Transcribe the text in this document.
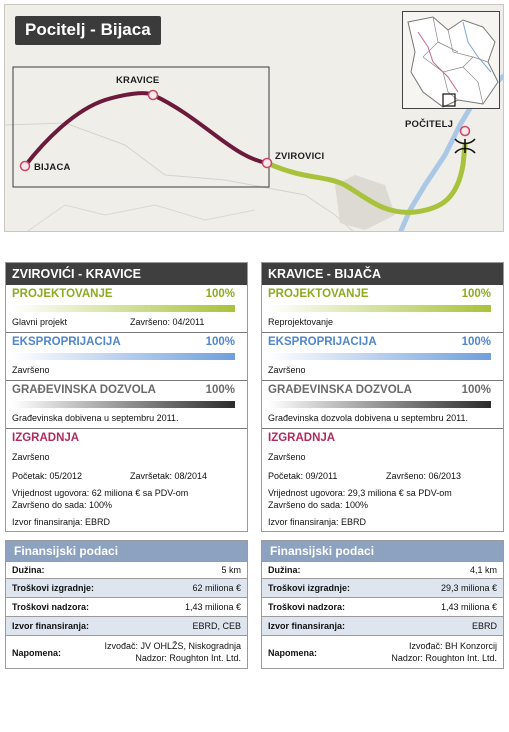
Pocitelj - Bijaca
KRAVICE
BIJACA
ZVIROVICI
POČITELJ
ZVIROVIĆI - KRAVICE
PROJEKTOVANJE	100%
Glavni projekt	Završeno: 04/2011
EKSPROPRIJACIJA	100%
Završeno
GRAĐEVINSKA DOZVOLA	100%
Građevinska dobivena u septembru 2011.
IZGRADNJA
Završeno
Početak: 05/2012	Završetak: 08/2014
Vrijednost ugovora: 62 miliona € sa PDV-om
Završeno do sada: 100%
Izvor finansiranja: EBRD
KRAVICE - BIJAČA
PROJEKTOVANJE	100%
Reprojektovanje
EKSPROPRIJACIJA	100%
Završeno
GRAĐEVINSKA DOZVOLA	100%
Građevinska dozvola dobivena u septembru 2011.
IZGRADNJA
Završeno
Početak: 09/2011	Završeno: 06/2013
Vrijednost ugovora: 29,3 miliona € sa PDV-om
Završeno do sada: 100%
Izvor finansiranja: EBRD
Finansijski podaci
Dužina:	5 km
Troškovi izgradnje:	62 miliona €
Troškovi nadzora:	1,43 miliona €
Izvor finansiranja:	EBRD, CEB
Napomena:
Izvođač: JV OHLŽS, Niskogradnja
Nadzor: Roughton Int. Ltd.
Finansijski podaci
Dužina:	4,1 km
Troškovi izgradnje:	29,3 miliona €
Troškovi nadzora:	1,43 miliona €
Izvor finansiranja:	EBRD
Napomena:
Izvođač: BH Konzorcij
Nadzor: Roughton Int. Ltd.
